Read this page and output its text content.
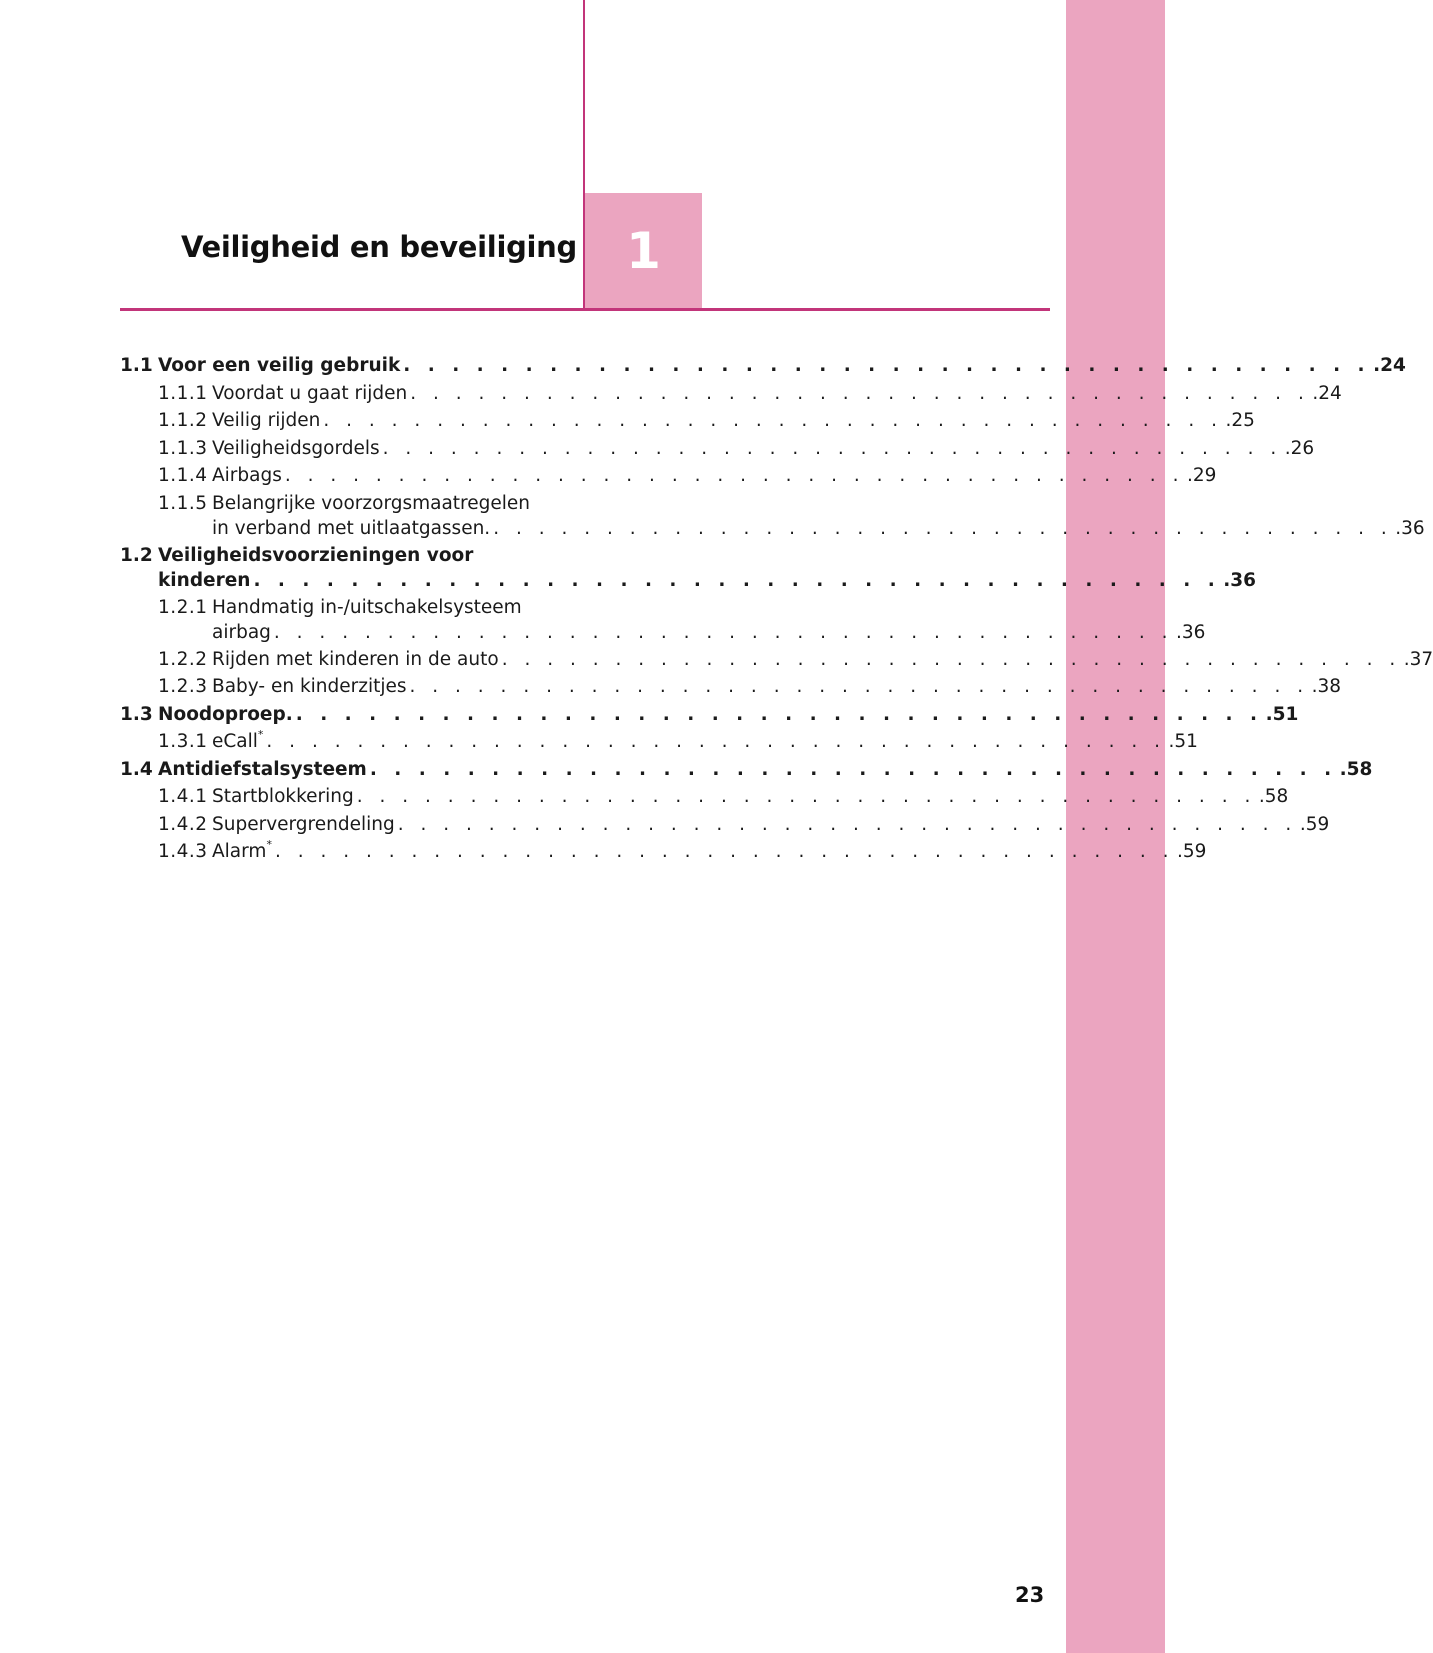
1
Veiligheid en beveiliging
1.1 Voor een veilig gebruik . . . . . . . . . . . . . . . . . . . . . . . . . . . . . . . . . . . . . . . . .24
1.1.1 Voordat u gaat rijden . . . . . . . . . . . . . . . . . . . . . . . . . . . . . . . . . . . . . . . . .24
1.1.2 Veilig rijden . . . . . . . . . . . . . . . . . . . . . . . . . . . . . . . . . . . . . . . . .25
1.1.3 Veiligheidsgordels . . . . . . . . . . . . . . . . . . . . . . . . . . . . . . . . . . . . . . . . .26
1.1.4 Airbags . . . . . . . . . . . . . . . . . . . . . . . . . . . . . . . . . . . . . . . . .29
1.1.5 Belangrijke voorzorgsmaatregelen
in verband met uitlaatgassen. . . . . . . . . . . . . . . . . . . . . . . . . . . . . . . . . . . . . . . . . .36
1.2 Veiligheidsvoorzieningen voor
kinderen . . . . . . . . . . . . . . . . . . . . . . . . . . . . . . . . . . . . . . . . .36
1.2.1 Handmatig in-/uitschakelsysteem
airbag . . . . . . . . . . . . . . . . . . . . . . . . . . . . . . . . . . . . . . . . .36
1.2.2 Rijden met kinderen in de auto . . . . . . . . . . . . . . . . . . . . . . . . . . . . . . . . . . . . . . . . .37
1.2.3 Baby- en kinderzitjes . . . . . . . . . . . . . . . . . . . . . . . . . . . . . . . . . . . . . . . . .38
1.3 Noodoproep. . . . . . . . . . . . . . . . . . . . . . . . . . . . . . . . . . . . . . . . . .51
1.3.1 eCall* . . . . . . . . . . . . . . . . . . . . . . . . . . . . . . . . . . . . . . . . .51
1.4 Antidiefstalsysteem . . . . . . . . . . . . . . . . . . . . . . . . . . . . . . . . . . . . . . . . .58
1.4.1 Startblokkering . . . . . . . . . . . . . . . . . . . . . . . . . . . . . . . . . . . . . . . . .58
1.4.2 Supervergrendeling . . . . . . . . . . . . . . . . . . . . . . . . . . . . . . . . . . . . . . . . .59
1.4.3 Alarm* . . . . . . . . . . . . . . . . . . . . . . . . . . . . . . . . . . . . . . . . .59
23
